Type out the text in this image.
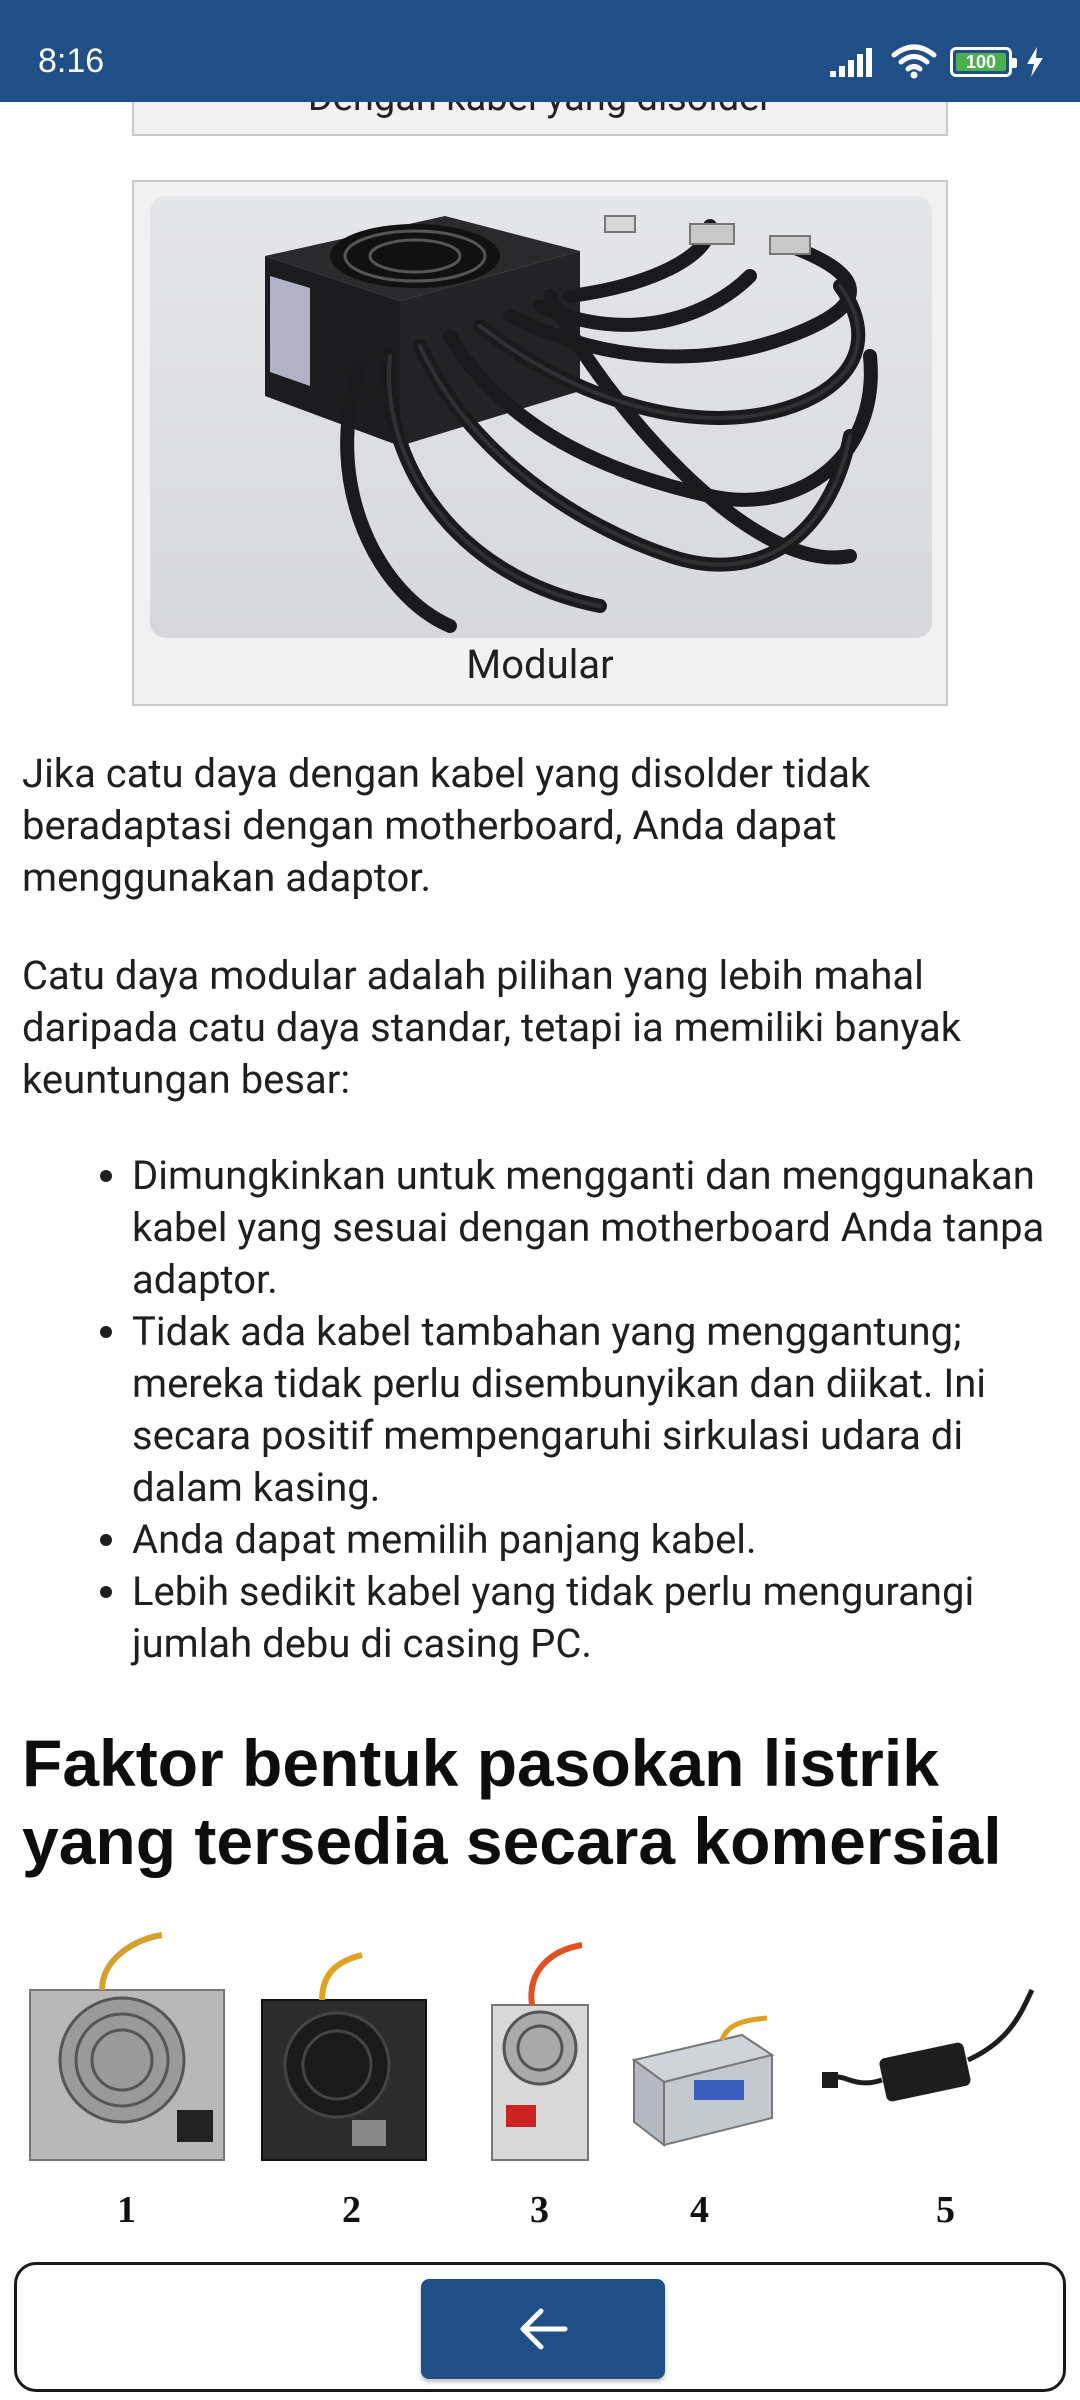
8:16	100
Modular

Jika catu daya dengan kabel yang disolder tidak beradaptasi dengan motherboard, Anda dapat menggunakan adaptor.

Catu daya modular adalah pilihan yang lebih mahal daripada catu daya standar, tetapi ia memiliki banyak keuntungan besar:

Dimungkinkan untuk mengganti dan menggunakan kabel yang sesuai dengan motherboard Anda tanpa adaptor.
Tidak ada kabel tambahan yang menggantung; mereka tidak perlu disembunyikan dan diikat. Ini secara positif mempengaruhi sirkulasi udara di dalam kasing.
Anda dapat memilih panjang kabel.
Lebih sedikit kabel yang tidak perlu mengurangi jumlah debu di casing PC.
Faktor bentuk pasokan listrik yang tersedia secara komersial
1	2	3	4	5
